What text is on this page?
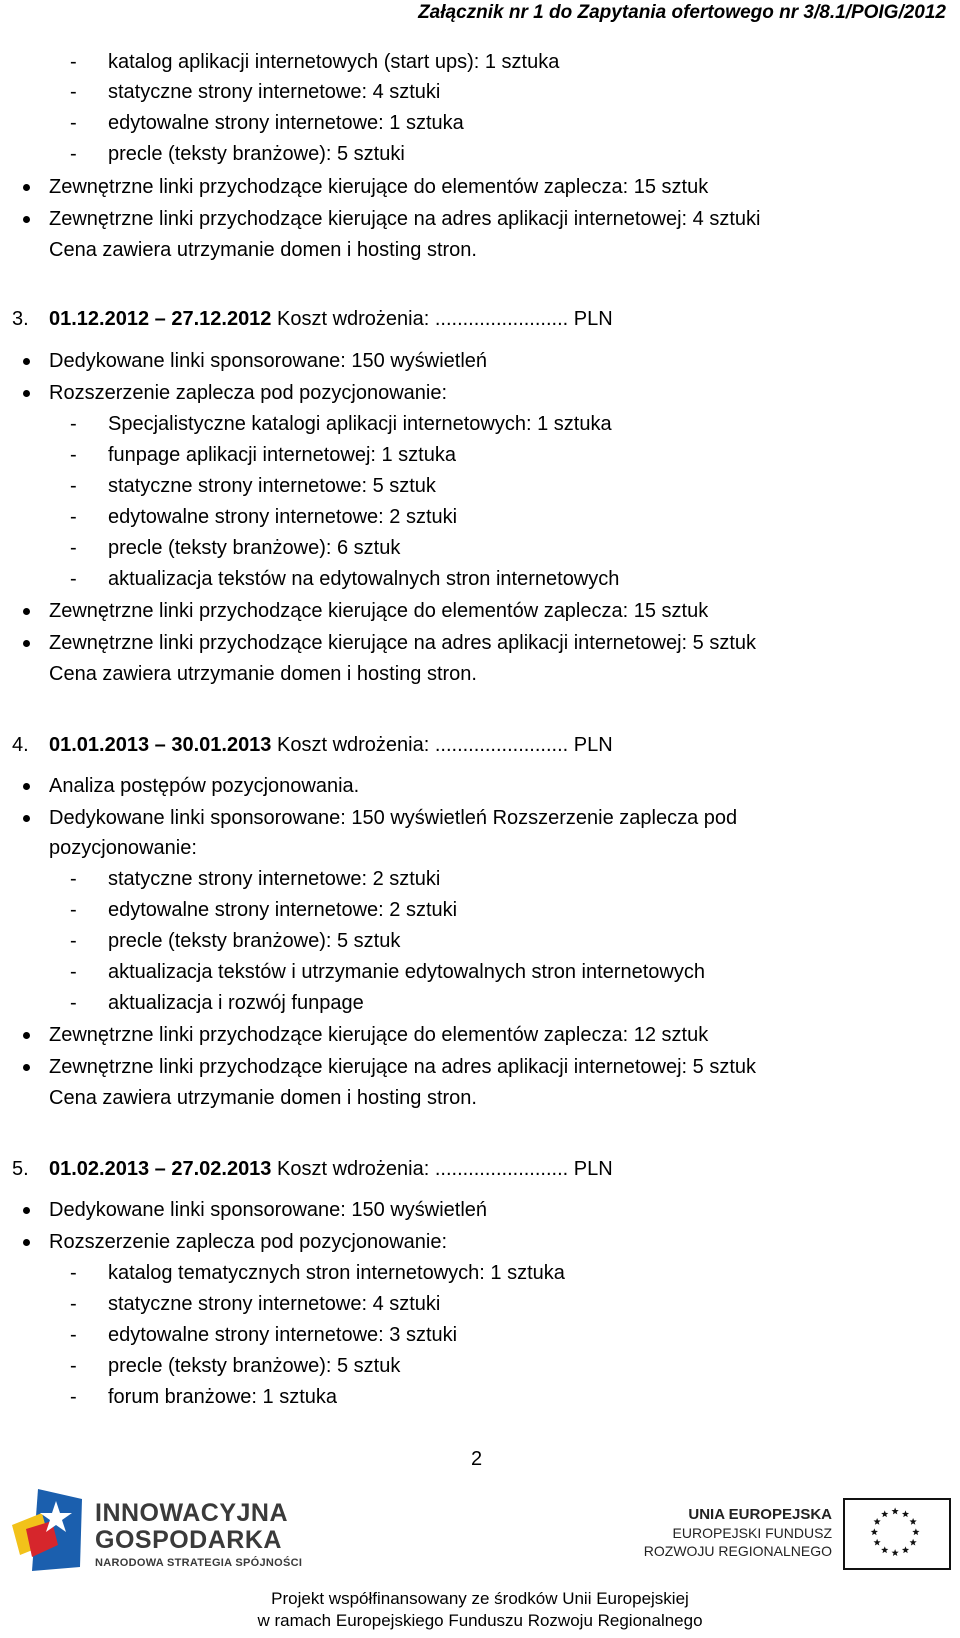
Załącznik nr 1 do Zapytania ofertowego nr 3/8.1/POIG/2012
- katalog aplikacji internetowych (start ups): 1 sztuka
- statyczne strony internetowe: 4 sztuki
- edytowalne strony internetowe: 1 sztuka
- precle (teksty branżowe): 5 sztuki
Zewnętrzne linki przychodzące kierujące do elementów zaplecza: 15 sztuk
Zewnętrzne linki przychodzące kierujące na adres aplikacji internetowej: 4 sztuki
Cena zawiera utrzymanie domen i hosting stron.
3. 01.12.2012 – 27.12.2012 Koszt wdrożenia: ........................ PLN
Dedykowane linki sponsorowane: 150 wyświetleń
Rozszerzenie zaplecza pod pozycjonowanie:
- Specjalistyczne katalogi aplikacji internetowych: 1 sztuka
- funpage aplikacji internetowej: 1 sztuka
- statyczne strony internetowe: 5 sztuk
- edytowalne strony internetowe: 2 sztuki
- precle (teksty branżowe): 6 sztuk
- aktualizacja tekstów na edytowalnych stron internetowych
Zewnętrzne linki przychodzące kierujące do elementów zaplecza: 15 sztuk
Zewnętrzne linki przychodzące kierujące na adres aplikacji internetowej: 5 sztuk
Cena zawiera utrzymanie domen i hosting stron.
4. 01.01.2013 – 30.01.2013 Koszt wdrożenia: ........................ PLN
Analiza postępów pozycjonowania.
Dedykowane linki sponsorowane: 150 wyświetleń Rozszerzenie zaplecza pod
pozycjonowanie:
- statyczne strony internetowe: 2 sztuki
- edytowalne strony internetowe: 2 sztuki
- precle (teksty branżowe): 5 sztuk
- aktualizacja tekstów i utrzymanie edytowalnych stron internetowych
- aktualizacja i rozwój funpage
Zewnętrzne linki przychodzące kierujące do elementów zaplecza: 12 sztuk
Zewnętrzne linki przychodzące kierujące na adres aplikacji internetowej: 5 sztuk
Cena zawiera utrzymanie domen i hosting stron.
5. 01.02.2013 – 27.02.2013 Koszt wdrożenia: ........................ PLN
Dedykowane linki sponsorowane: 150 wyświetleń
Rozszerzenie zaplecza pod pozycjonowanie:
- katalog tematycznych stron internetowych: 1 sztuka
- statyczne strony internetowe: 4 sztuki
- edytowalne strony internetowe: 3 sztuki
- precle (teksty branżowe): 5 sztuk
- forum branżowe: 1 sztuka
2
INNOWACYJNA
GOSPODARKA
NARODOWA STRATEGIA SPÓJNOŚCI
UNIA EUROPEJSKA
EUROPEJSKI FUNDUSZ
ROZWOJU REGIONALNEGO
Projekt współfinansowany ze środków Unii Europejskiej
w ramach Europejskiego Funduszu Rozwoju Regionalnego
